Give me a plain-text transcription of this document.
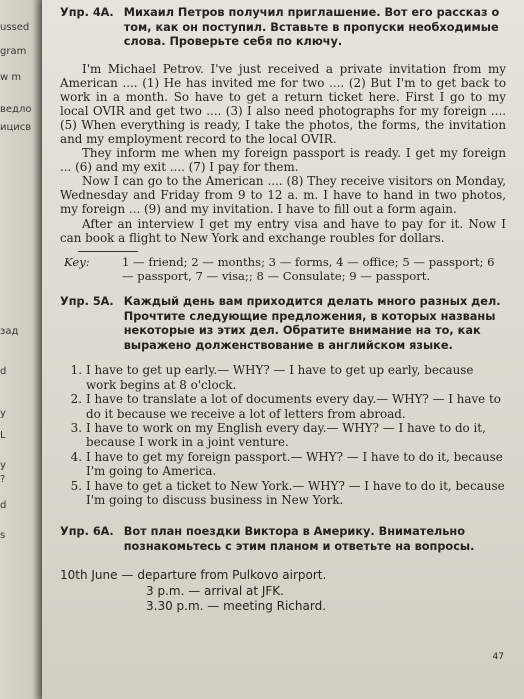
ussed
gram
w m
ведло
ицисв
зад
d
y
L
y
?
d
s
Упр. 4А. Михаил Петров получил приглашение. Вот его рассказ о том, как он поступил. Вставьте в пропуски необходимые слова. Проверьте себя по ключу.

I'm Michael Petrov. I've just received a private invitation from my American .... (1) He has invited me for two .... (2) But I'm to get back to work in a month. So have to get a return ticket here. First I go to my local OVIR and get two .... (3) I also need photographs for my foreign .... (5) When everything is ready, I take the photos, the forms, the invitation and my employment record to the local OVIR.

They inform me when my foreign passport is ready. I get my foreign ... (6) and my exit .... (7) I pay for them.

Now I can go to the American .... (8) They receive visitors on Monday, Wednesday and Friday from 9 to 12 a. m. I have to hand in two photos, my foreign ... (9) and my invitation. I have to fill out a form again.

After an interview I get my entry visa and have to pay for it. Now I can book a flight to New York and exchange roubles for dollars.

Key:	1 — friend; 2 — months; 3 — forms, 4 — office; 5 — passport; 6 — passport, 7 — visa;; 8 — Consulate; 9 — passport.
Упр. 5А. Каждый день вам приходится делать много разных дел. Прочтите следующие предложения, в которых названы некоторые из этих дел. Обратите внимание на то, как выражено долженствование в английском языке.
1. I have to get up early.— WHY? — I have to get up early, because work begins at 8 o'clock.
2. I have to translate a lot of documents every day.— WHY? — I have to do it because we receive a lot of letters from abroad.
3. I have to work on my English every day.— WHY? — I have to do it, because I work in a joint venture.
4. I have to get my foreign passport.— WHY? — I have to do it, because I'm going to America.
5. I have to get a ticket to New York.— WHY? — I have to do it, because I'm going to discuss business in New York.
Упр. 6А. Вот план поездки Виктора в Америку. Внимательно познакомьтесь с этим планом и ответьте на вопросы.
10th June — departure from Pulkovo airport.
3 p.m. — arrival at JFK.
3.30 p.m. — meeting Richard.
47
